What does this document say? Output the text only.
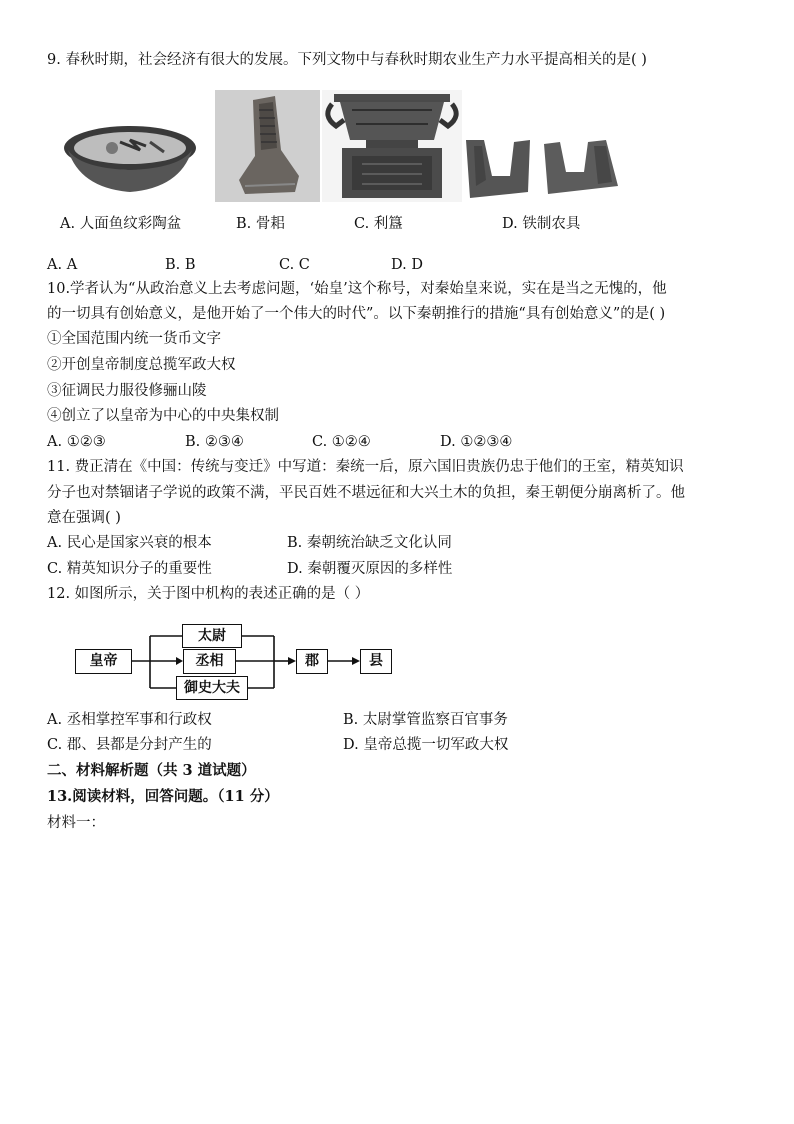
9. 春秋时期，社会经济有很大的发展。下列文物中与春秋时期农业生产力水平提高相关的是( )
A. 人面鱼纹彩陶盆	B. 骨耜	C. 利簋	D. 铁制农具
A. A	B. B	C. C	D. D
10.学者认为“从政治意义上去考虑问题，‘始皇’这个称号，对秦始皇来说，实在是当之无愧的，他
的一切具有创始意义，是他开始了一个伟大的时代”。以下秦朝推行的措施“具有创始意义”的是( )
①全国范围内统一货币文字
②开创皇帝制度总揽军政大权
③征调民力服役修骊山陵
④创立了以皇帝为中心的中央集权制
A. ①②③	B. ②③④	C. ①②④	D. ①②③④
11. 费正清在《中国：传统与变迁》中写道：秦统一后，原六国旧贵族仍忠于他们的王室，精英知识
分子也对禁锢诸子学说的政策不满，平民百姓不堪远征和大兴土木的负担，秦王朝便分崩离析了。他
意在强调( )
A. 民心是国家兴衰的根本	B. 秦朝统治缺乏文化认同
C. 精英知识分子的重要性	D. 秦朝覆灭原因的多样性
12. 如图所示，关于图中机构的表述正确的是（ ）
皇帝
太尉
丞相
御史大夫
郡	县
A. 丞相掌控军事和行政权	B. 太尉掌管监察百官事务
C. 郡、县都是分封产生的	D. 皇帝总揽一切军政大权
二、材料解析题（共 3 道试题）
13.阅读材料，回答问题。（11 分）
材料一：
